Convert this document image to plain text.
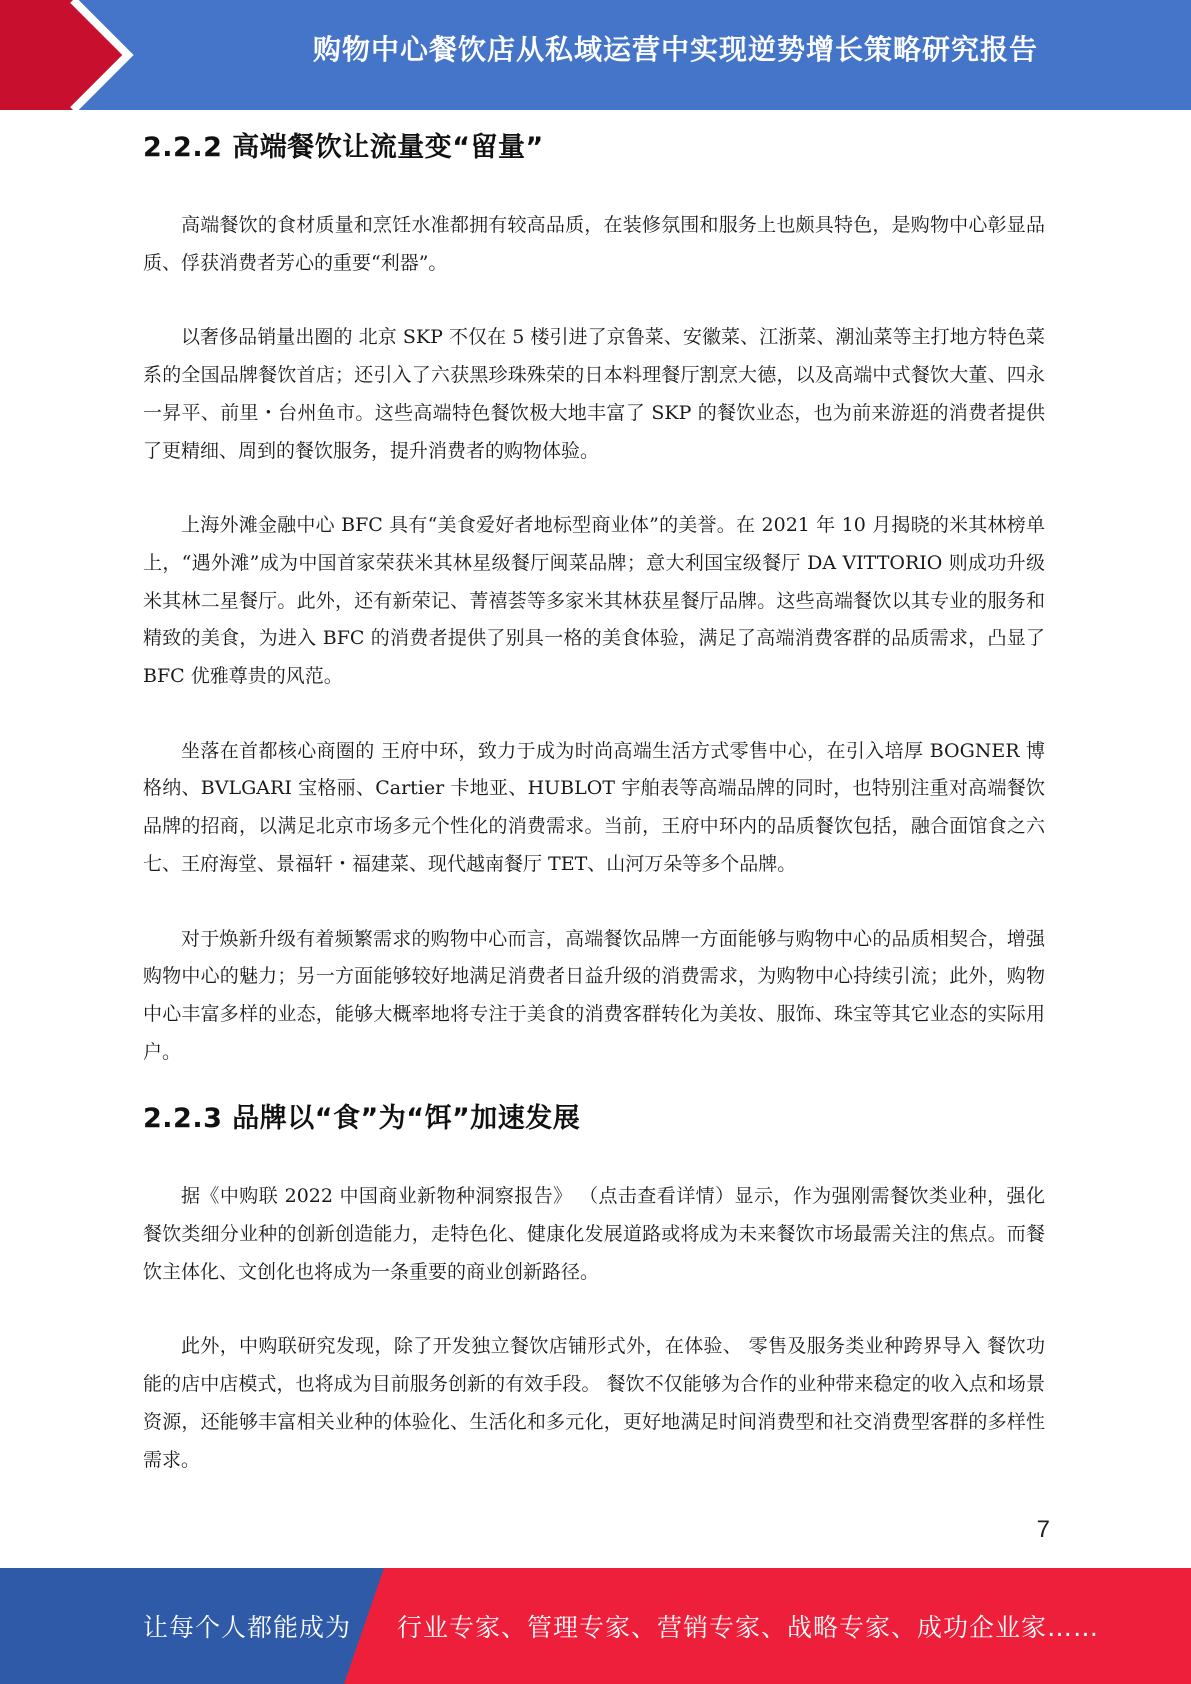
购物中心餐饮店从私域运营中实现逆势增长策略研究报告
2.2.2 高端餐饮让流量变“留量”

高端餐饮的食材质量和烹饪水准都拥有较高品质，在装修氛围和服务上也颇具特色，是购物中心彰显品质、俘获消费者芳心的重要“利器”。

以奢侈品销量出圈的 北京 SKP 不仅在 5 楼引进了京鲁菜、安徽菜、江浙菜、潮汕菜等主打地方特色菜系的全国品牌餐饮首店；还引入了六获黑珍珠殊荣的日本料理餐厅割烹大德，以及高端中式餐饮大董、四永一昇平、前里・台州鱼市。这些高端特色餐饮极大地丰富了 SKP 的餐饮业态，也为前来游逛的消费者提供了更精细、周到的餐饮服务，提升消费者的购物体验。

上海外滩金融中心 BFC 具有“美食爱好者地标型商业体”的美誉。在 2021 年 10 月揭晓的米其林榜单上，“遇外滩”成为中国首家荣获米其林星级餐厅闽菜品牌；意大利国宝级餐厅 DA VITTORIO 则成功升级米其林二星餐厅。此外，还有新荣记、菁禧荟等多家米其林获星餐厅品牌。这些高端餐饮以其专业的服务和精致的美食，为进入 BFC 的消费者提供了别具一格的美食体验，满足了高端消费客群的品质需求，凸显了 BFC 优雅尊贵的风范。

坐落在首都核心商圈的 王府中环，致力于成为时尚高端生活方式零售中心，在引入培厚 BOGNER 博格纳、BVLGARI 宝格丽、Cartier 卡地亚、HUBLOT 宇舶表等高端品牌的同时，也特别注重对高端餐饮品牌的招商，以满足北京市场多元个性化的消费需求。当前，王府中环内的品质餐饮包括，融合面馆食之六七、王府海堂、景福轩・福建菜、现代越南餐厅 TET、山河万朵等多个品牌。

对于焕新升级有着频繁需求的购物中心而言，高端餐饮品牌一方面能够与购物中心的品质相契合，增强购物中心的魅力；另一方面能够较好地满足消费者日益升级的消费需求，为购物中心持续引流；此外，购物中心丰富多样的业态，能够大概率地将专注于美食的消费客群转化为美妆、服饰、珠宝等其它业态的实际用户。

2.2.3 品牌以“食”为“饵”加速发展

据《中购联 2022 中国商业新物种洞察报告》 （点击查看详情）显示，作为强刚需餐饮类业种，强化餐饮类细分业种的创新创造能力，走特色化、健康化发展道路或将成为未来餐饮市场最需关注的焦点。而餐饮主体化、文创化也将成为一条重要的商业创新路径。

此外，中购联研究发现，除了开发独立餐饮店铺形式外，在体验、 零售及服务类业种跨界导入 餐饮功能的店中店模式，也将成为目前服务创新的有效手段。 餐饮不仅能够为合作的业种带来稳定的收入点和场景资源，还能够丰富相关业种的体验化、生活化和多元化，更好地满足时间消费型和社交消费型客群的多样性需求。

7
让每个人都能成为 行业专家、管理专家、营销专家、战略专家、成功企业家……
